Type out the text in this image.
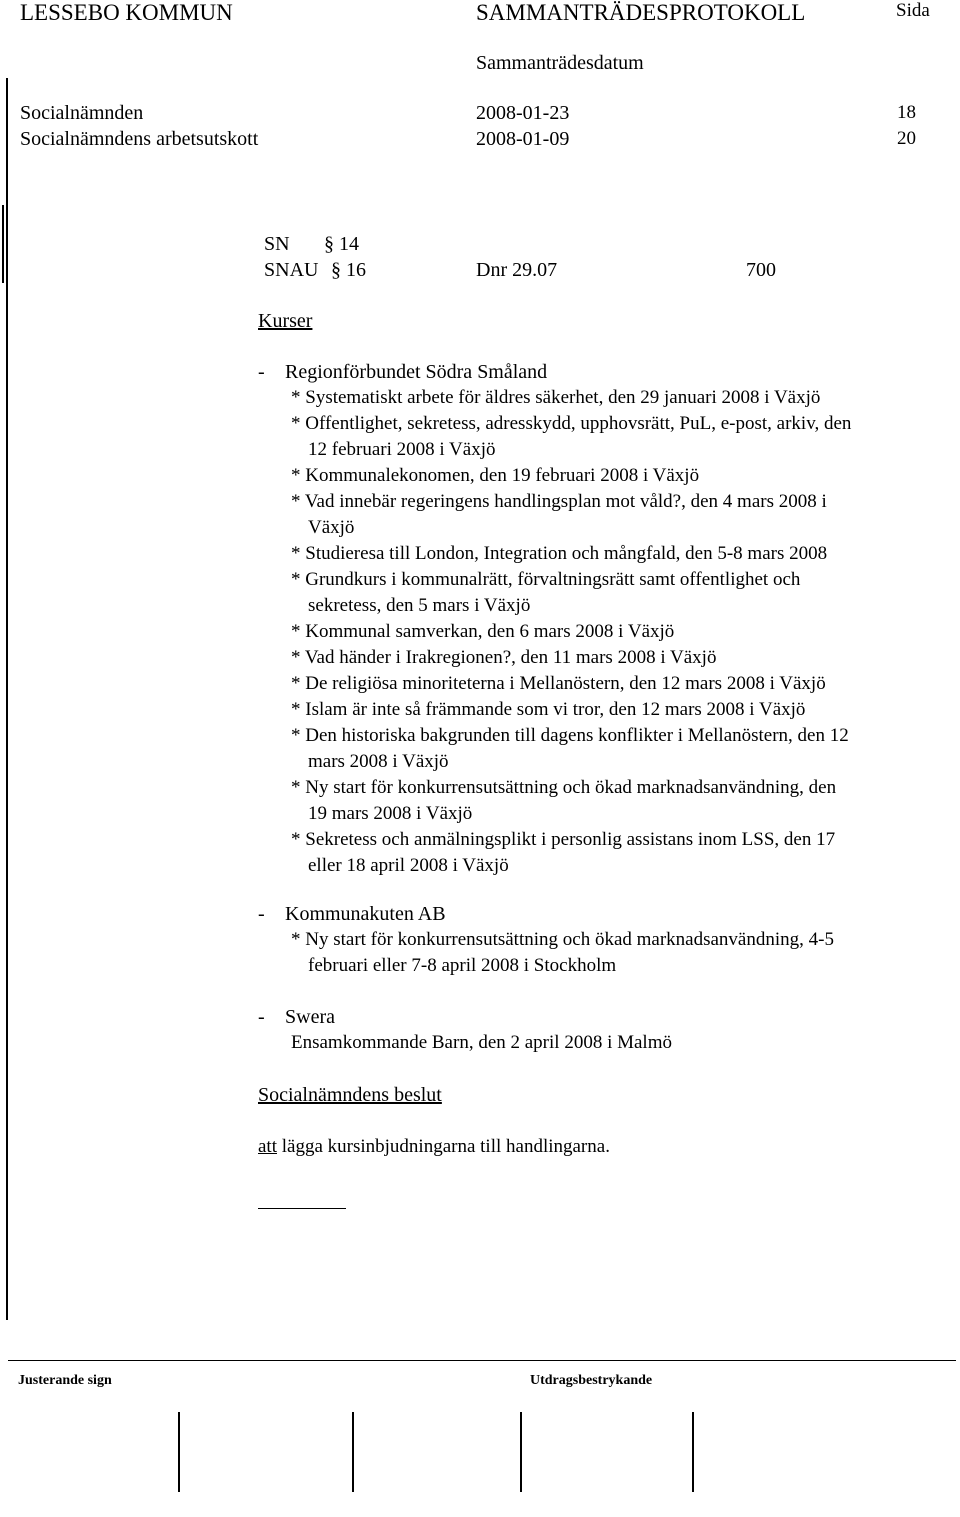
LESSEBO KOMMUN	SAMMANTRÄDESPROTOKOLL	Sida
Sammanträdesdatum
Socialnämnden	2008-01-23	18
Socialnämndens arbetsutskott	2008-01-09	20
SN § 14
SNAU § 16	Dnr 29.07	700
Kurser
- Regionförbundet Södra Småland
* Systematiskt arbete för äldres säkerhet, den 29 januari 2008 i Växjö
* Offentlighet, sekretess, adresskydd, upphovsrätt, PuL, e-post, arkiv, den
12 februari 2008 i Växjö
* Kommunalekonomen, den 19 februari 2008 i Växjö
* Vad innebär regeringens handlingsplan mot våld?, den 4 mars 2008 i
Växjö
* Studieresa till London, Integration och mångfald, den 5-8 mars 2008
* Grundkurs i kommunalrätt, förvaltningsrätt samt offentlighet och
sekretess, den 5 mars i Växjö
* Kommunal samverkan, den 6 mars 2008 i Växjö
* Vad händer i Irakregionen?, den 11 mars 2008 i Växjö
* De religiösa minoriteterna i Mellanöstern, den 12 mars 2008 i Växjö
* Islam är inte så främmande som vi tror, den 12 mars 2008 i Växjö
* Den historiska bakgrunden till dagens konflikter i Mellanöstern, den 12
mars 2008 i Växjö
* Ny start för konkurrensutsättning och ökad marknadsanvändning, den
19 mars 2008 i Växjö
* Sekretess och anmälningsplikt i personlig assistans inom LSS, den 17
eller 18 april 2008 i Växjö
- Kommunakuten AB
* Ny start för konkurrensutsättning och ökad marknadsanvändning, 4-5
februari eller 7-8 april 2008 i Stockholm
- Swera
Ensamkommande Barn, den 2 april 2008 i Malmö
Socialnämndens beslut
att lägga kursinbjudningarna till handlingarna.
Justerande sign	Utdragsbestrykande
